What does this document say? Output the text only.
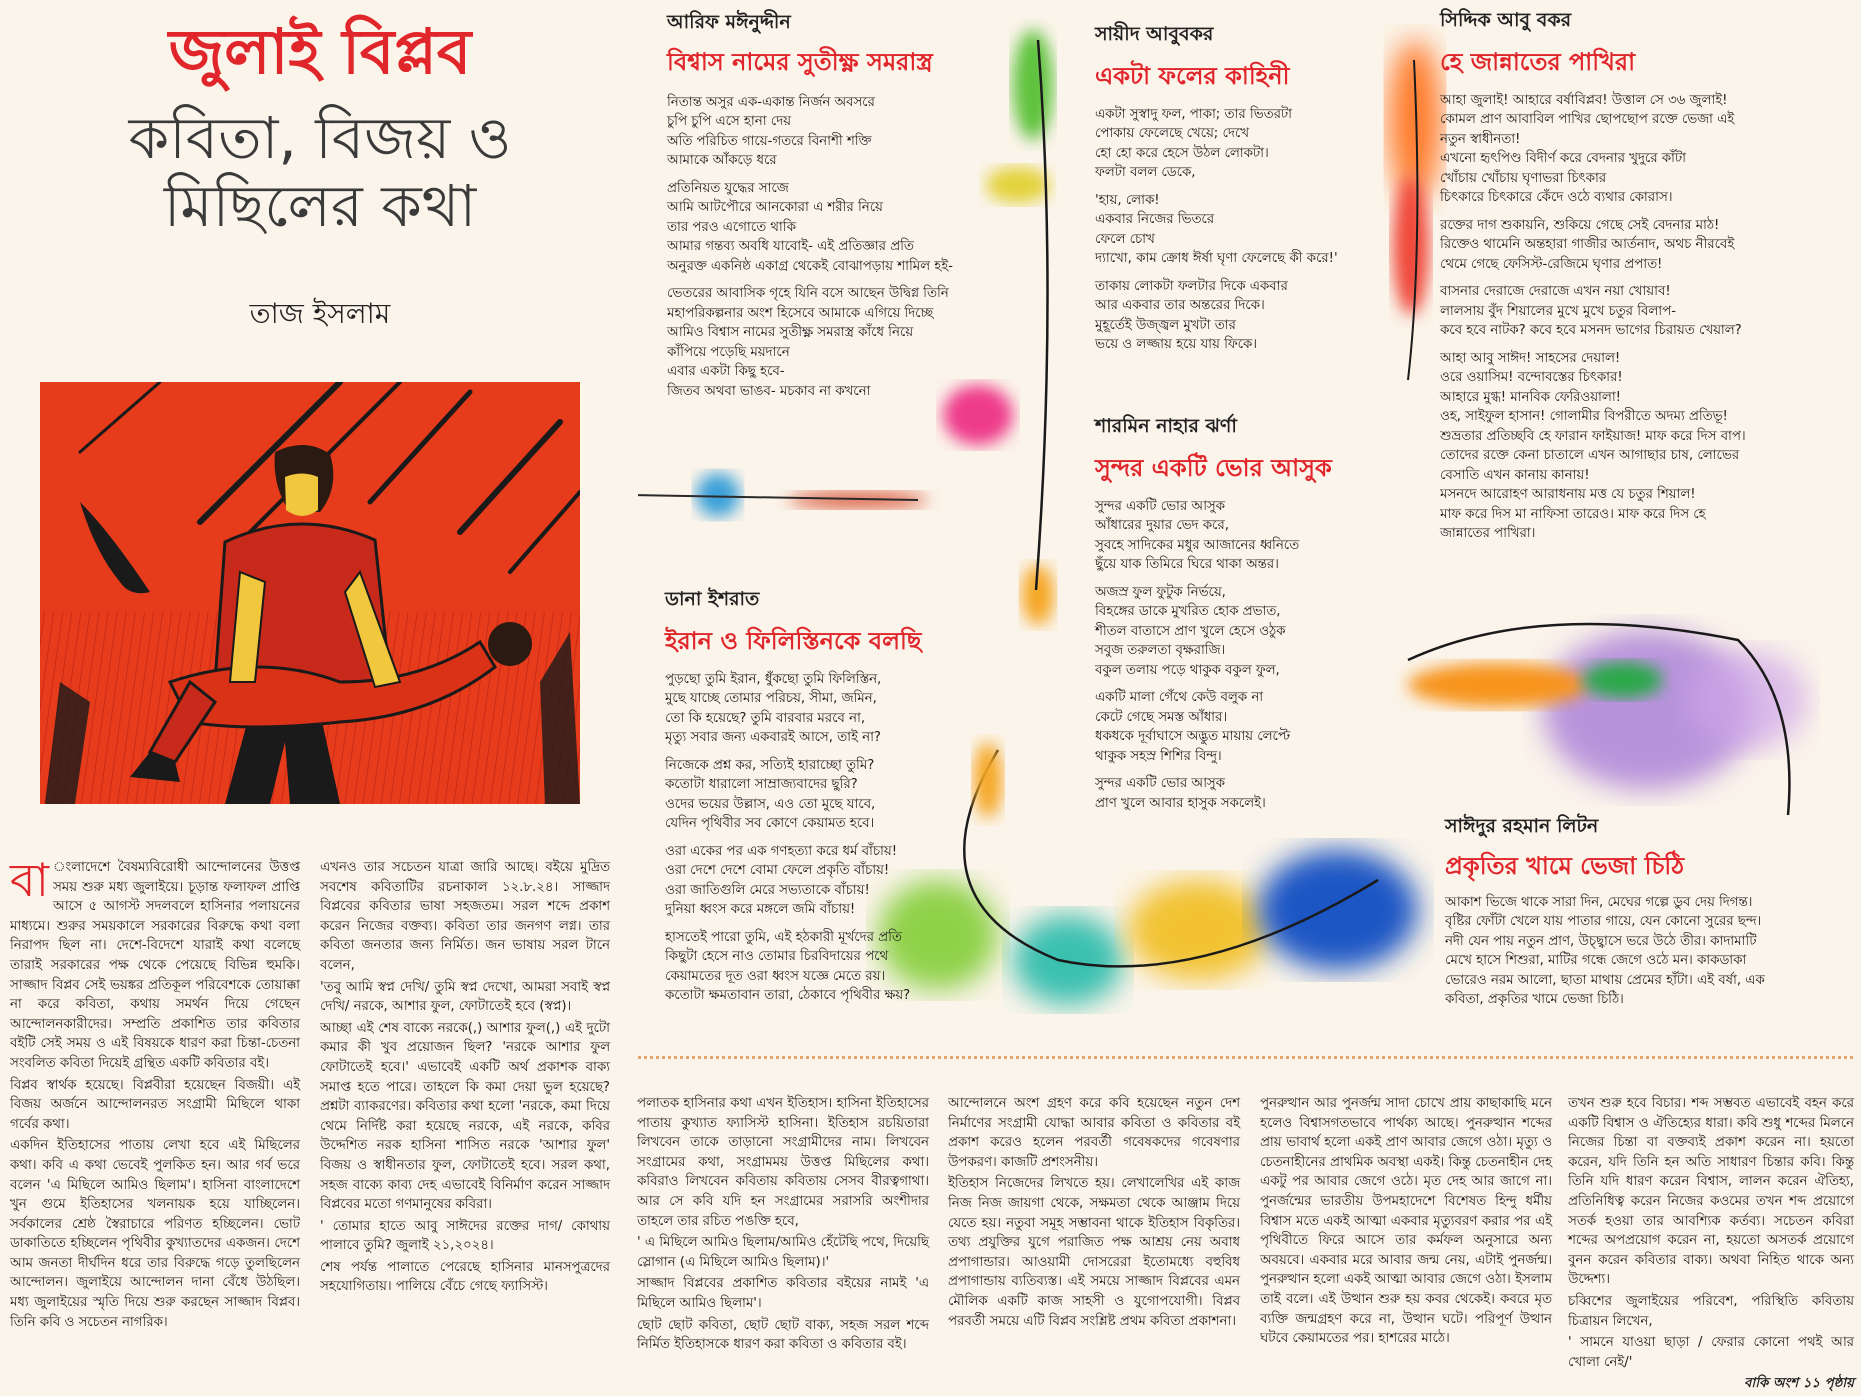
জুলাই বিপ্লব
কবিতা, বিজয় ও
মিছিলের কথা
তাজ ইসলাম
আরিফ মঈনুদ্দীন
বিশ্বাস নামের সুতীক্ষ্ণ সমরাস্ত্র
নিতান্ত অসুর এক-একান্ত নির্জন অবসরে
চুপি চুপি এসে হানা দেয়
অতি পরিচিত গায়ে-গতরে বিনাশী শক্তি
আমাকে আঁকড়ে ধরে
প্রতিনিয়ত যুদ্ধের সাজে
আমি আটপৌরে আনকোরা এ শরীর নিয়ে
তার পরও এগোতে থাকি
আমার গন্তব্য অবধি যাবোই- এই প্রতিজ্ঞার প্রতি
অনুরক্ত একনিষ্ঠ একাগ্র থেকেই বোঝাপড়ায় শামিল হই-
ভেতরের আবাসিক গৃহে যিনি বসে আছেন উদ্বিগ্ন তিনি
মহাপরিকল্পনার অংশ হিসেবে আমাকে এগিয়ে দিচ্ছে
আমিও বিশ্বাস নামের সুতীক্ষ্ণ সমরাস্ত্র কাঁধে নিয়ে
কাঁপিয়ে পড়েছি ময়দানে
এবার একটা কিছু হবে-
জিতব অথবা ভাঙব- মচকাব না কখনো
সায়ীদ আবুবকর
একটা ফলের কাহিনী
একটা সুস্বাদু ফল, পাকা; তার ভিতরটা
পোকায় ফেলেছে খেয়ে; দেখে
হো হো করে হেসে উঠল লোকটা।
ফলটা বলল ডেকে,
'হায়, লোক!
একবার নিজের ভিতরে
ফেলে চোখ
দ্যাখো, কাম ক্রোধ ঈর্ষা ঘৃণা ফেলেছে কী করে!'
তাকায় লোকটা ফলটার দিকে একবার
আর একবার তার অন্তরের দিকে।
মুহূর্তেই উজ্জ্বল মুখটা তার
ভয়ে ও লজ্জায় হয়ে যায় ফিকে।
সিদ্দিক আবু বকর
হে জান্নাতের পাখিরা
আহা জুলাই! আহারে বর্ষাবিপ্লব! উত্তাল সে ৩৬ জুলাই!
কোমল প্রাণ আবাবিল পাখির ছোপছোপ রক্তে ভেজা এই
নতুন স্বাধীনতা!
এখনো হৃৎপিণ্ড বিদীর্ণ করে বেদনার খুদুরে কাঁটা
খোঁচায় খোঁচায় ঘৃণাভরা চিৎকার
চিৎকারে চিৎকারে কেঁদে ওঠে ব্যথার কোরাস।
রক্তের দাগ শুকায়নি, শুকিয়ে গেছে সেই বেদনার মাঠ!
রিক্তেও থামেনি অন্তহারা গাজীর আর্তনাদ, অথচ নীরবেই
থেমে গেছে ফেসিস্ট-রেজিমে ঘৃণার প্রপাত!
বাসনার দেরাজে দেরাজে এখন নয়া খোয়াব!
লালসায় বুঁদ শিয়ালের মুখে মুখে চতুর বিলাপ-
কবে হবে নাটক? কবে হবে মসনদ ভাগের চিরায়ত খেয়াল?
আহা আবু সাঈদ! সাহসের দেয়াল!
ওরে ওয়াসিম! বন্দোবস্তের চিৎকার!
আহারে মুগ্ধ! মানবিক ফেরিওয়ালা!
ওহ, সাইফুল হাসান! গোলামীর বিপরীতে অদম্য প্রতিভূ!
শুভ্রতার প্রতিচ্ছবি হে ফারান ফাইয়াজ! মাফ করে দিস বাপ।
তোদের রক্তে কেনা চাতালে এখন আগাছার চাষ, লোভের
বেসাতি এখন কানায় কানায়!
মসনদে আরোহণ আরাধনায় মত্ত যে চতুর শিয়াল!
মাফ করে দিস মা নাফিসা তারেও। মাফ করে দিস হে
জান্নাতের পাখিরা।
শারমিন নাহার ঝর্ণা
সুন্দর একটি ভোর আসুক
সুন্দর একটি ভোর আসুক
আঁধারের দুয়ার ভেদ করে,
সুবহে সাদিকের মধুর আজানের ধ্বনিতে
ছুঁয়ে যাক তিমিরে ঘিরে থাকা অন্তর।
অজস্র ফুল ফুটুক নির্ভয়ে,
বিহঙ্গের ডাকে মুখরিত হোক প্রভাত,
শীতল বাতাসে প্রাণ খুলে হেসে ওঠুক
সবুজ তরুলতা বৃক্ষরাজি।
বকুল তলায় পড়ে থাকুক বকুল ফুল,
একটি মালা গেঁথে কেউ বলুক না
কেটে গেছে সমস্ত আঁধার।
ধকধকে দূর্বাঘাসে অদ্ভুত মায়ায় লেপ্টে
থাকুক সহস্র শিশির বিন্দু।
সুন্দর একটি ভোর আসুক
প্রাণ খুলে আবার হাসুক সকলেই।
ডানা ইশরাত
ইরান ও ফিলিস্তিনকে বলছি
পুড়ছো তুমি ইরান, ধুঁকছো তুমি ফিলিস্তিন,
মুছে যাচ্ছে তোমার পরিচয়, সীমা, জমিন,
তো কি হয়েছে? তুমি বারবার মরবে না,
মৃত্যু সবার জন্য একবারই আসে, তাই না?
নিজেকে প্রশ্ন কর, সত্যিই হারাচ্ছো তুমি?
কতোটা ধারালো সাম্রাজ্যবাদের ছুরি?
ওদের ভয়ের উল্লাস, এও তো মুছে যাবে,
যেদিন পৃথিবীর সব কোণে কেয়ামত হবে।
ওরা একের পর এক গণহত্যা করে ধর্ম বাঁচায়!
ওরা দেশে দেশে বোমা ফেলে প্রকৃতি বাঁচায়!
ওরা জাতিগুলি মেরে সভ্যতাকে বাঁচায়!
দুনিয়া ধ্বংস করে মঙ্গলে জমি বাঁচায়!
হাসতেই পারো তুমি, এই হঠকারী মূর্খদের প্রতি
কিছুটা হেসে নাও তোমার চিরবিদায়ের পথে
কেয়ামতের দূত ওরা ধ্বংস যজ্ঞে মেতে রয়।
কতোটা ক্ষমতাবান তারা, ঠেকাবে পৃথিবীর ক্ষয়?
সাঈদুর রহমান লিটন
প্রকৃতির খামে ভেজা চিঠি
আকাশ ভিজে থাকে সারা দিন, মেঘের গল্পে ডুব দেয় দিগন্ত।
বৃষ্টির ফোঁটা খেলে যায় পাতার গায়ে, যেন কোনো সুরের ছন্দ।
নদী যেন পায় নতুন প্রাণ, উচ্ছ্বাসে ভরে উঠে তীর। কাদামাটি
মেখে হাসে শিশুরা, মাটির গন্ধে জেগে ওঠে মন। কাকডাকা
ভোরেও নরম আলো, ছাতা মাথায় প্রেমের হাঁটা। এই বর্ষা, এক
কবিতা, প্রকৃতির খামে ভেজা চিঠি।
বা ংলাদেশে বৈষম্যবিরোধী আন্দোলনের উত্তপ্ত সময় শুরু মধ্য জুলাইয়ে। চূড়ান্ত ফলাফল প্রাপ্তি আসে ৫ আগস্ট সদলবলে হাসিনার পলায়নের মাধ্যমে। শুরুর সময়কালে সরকারের বিরুদ্ধে কথা বলা নিরাপদ ছিল না। দেশে-বিদেশে যারাই কথা বলেছে তারাই সরকারের পক্ষ থেকে পেয়েছে বিভিন্ন হুমকি। সাজ্জাদ বিপ্লব সেই ভয়ঙ্কর প্রতিকূল পরিবেশকে তোয়াক্কা না করে কবিতা, কথায় সমর্থন দিয়ে গেছেন আন্দোলনকারীদের। সম্প্রতি প্রকাশিত তার কবিতার বইটি সেই সময় ও এই বিষয়কে ধারণ করা চিন্তা-চেতনা সংবলিত কবিতা দিয়েই গ্রন্থিত একটি কবিতার বই।

বিপ্লব স্বার্থক হয়েছে। বিপ্লবীরা হয়েছেন বিজয়ী। এই বিজয় অর্জনে আন্দোলনরত সংগ্রামী মিছিলে থাকা গর্বের কথা।

একদিন ইতিহাসের পাতায় লেখা হবে এই মিছিলের কথা। কবি এ কথা ভেবেই পুলকিত হন। আর গর্ব ভরে বলেন 'এ মিছিলে আমিও ছিলাম'। হাসিনা বাংলাদেশে খুন গুমে ইতিহাসের খলনায়ক হয়ে যাচ্ছিলেন। সর্বকালের শ্রেষ্ঠ স্বৈরাচারে পরিণত হচ্ছিলেন। ভোট ডাকাতিতে হচ্ছিলেন পৃথিবীর কুখ্যাতদের একজন। দেশে আম জনতা দীর্ঘদিন ধরে তার বিরুদ্ধে গড়ে তুলছিলেন আন্দোলন। জুলাইয়ে আন্দোলন দানা বেঁধে উঠছিল। মধ্য জুলাইয়ের স্মৃতি দিয়ে শুরু করছেন সাজ্জাদ বিপ্লব। তিনি কবি ও সচেতন নাগরিক।

এখনও তার সচেতন যাত্রা জারি আছে। বইয়ে মুদ্রিত সবশেষ কবিতাটির রচনাকাল ১২.৮.২৪। সাজ্জাদ বিপ্লবের কবিতার ভাষা সহজতম। সরল শব্দে প্রকাশ করেন নিজের বক্তব্য। কবিতা তার জনগণ লগ্ন। তার কবিতা জনতার জন্য নির্মিত। জন ভাষায় সরল টানে বলেন,

'তবু আমি স্বপ্ন দেখি/ তুমি স্বপ্ন দেখো, আমরা সবাই স্বপ্ন দেখি/ নরকে, আশার ফুল, ফোটাতেই হবে (স্বপ্ন)।

আচ্ছা এই শেষ বাক্যে নরকে(,) আশার ফুল(,) এই দুটো কমার কী খুব প্রয়োজন ছিল? 'নরকে আশার ফুল ফোটাতেই হবে।' এভাবেই একটি অর্থ প্রকাশক বাক্য সমাপ্ত হতে পারে। তাহলে কি কমা দেয়া ভুল হয়েছে? প্রশ্নটা ব্যাকরণের। কবিতার কথা হলো 'নরকে, কমা দিয়ে থেমে নির্দিষ্ট করা হয়েছে নরকে, এই নরকে, কবির উদ্দেশিত নরক হাসিনা শাসিত নরকে 'আশার ফুল' বিজয় ও স্বাধীনতার ফুল, ফোটাতেই হবে। সরল কথা, সহজ বাক্যে কাব্য দেহ এভাবেই বিনির্মাণ করেন সাজ্জাদ বিপ্লবের মতো গণমানুষের কবিরা।

' তোমার হাতে আবু সাঈদের রক্তের দাগ/ কোথায় পালাবে তুমি? জুলাই ২১,২০২৪।

শেষ পর্যন্ত পালাতে পেরেছে হাসিনার মানসপুত্রদের সহযোগিতায়। পালিয়ে বেঁচে গেছে ফ্যাসিস্ট।

পলাতক হাসিনার কথা এখন ইতিহাস। হাসিনা ইতিহাসের পাতায় কুখ্যাত ফ্যাসিস্ট হাসিনা। ইতিহাস রচয়িতারা লিখবেন তাকে তাড়ানো সংগ্রামীদের নাম। লিখবেন সংগ্রামের কথা, সংগ্রামময় উত্তপ্ত মিছিলের কথা। কবিরাও লিখবেন কবিতায় কবিতায় সেসব বীরত্বগাথা। আর সে কবি যদি হন সংগ্রামের সরাসরি অংশীদার তাহলে তার রচিত পঙক্তি হবে,

' এ মিছিলে আমিও ছিলাম/আমিও হেঁটেছি পথে, দিয়েছি স্লোগান (এ মিছিলে আমিও ছিলাম)।'

সাজ্জাদ বিপ্লবের প্রকাশিত কবিতার বইয়ের নামই 'এ মিছিলে আমিও ছিলাম'।

ছোট ছোট কবিতা, ছোট ছোট বাক্য, সহজ সরল শব্দে নির্মিত ইতিহাসকে ধারণ করা কবিতা ও কবিতার বই।

আন্দোলনে অংশ গ্রহণ করে কবি হয়েছেন নতুন দেশ নির্মাণের সংগ্রামী যোদ্ধা আবার কবিতা ও কবিতার বই প্রকাশ করেও হলেন পরবর্তী গবেষকদের গবেষণার উপকরণ। কাজটি প্রশংসনীয়।

ইতিহাস নিজেদের লিখতে হয়। লেখালেখির এই কাজ নিজ নিজ জায়গা থেকে, সক্ষমতা থেকে আঞ্জাম দিয়ে যেতে হয়। নতুবা সমূহ সম্ভাবনা থাকে ইতিহাস বিকৃতির। তথ্য প্রযুক্তির যুগে পরাজিত পক্ষ আশ্রয় নেয় অবাধ প্রপাগান্ডার। আওয়ামী দোসরেরা ইতোমধ্যে বহুবিধ প্রপাগান্ডায় ব্যতিব্যস্ত। এই সময়ে সাজ্জাদ বিপ্লবের এমন মৌলিক একটি কাজ সাহসী ও যুগোপযোগী। বিপ্লব পরবর্তী সময়ে এটি বিপ্লব সংশ্লিষ্ট প্রথম কবিতা প্রকাশনা।

পুনরুত্থান আর পুনর্জন্ম সাদা চোখে প্রায় কাছাকাছি মনে হলেও বিশ্বাসগতভাবে পার্থক্য আছে। পুনরুত্থান শব্দের প্রায় ভাবার্থ হলো একই প্রাণ আবার জেগে ওঠা। মৃত্যু ও চেতনাহীনের প্রাথমিক অবস্থা একই। কিন্তু চেতনাহীন দেহ একটু পর আবার জেগে ওঠে। মৃত দেহ আর জাগে না। পুনর্জন্মের ভারতীয় উপমহাদেশে বিশেষত হিন্দু ধর্মীয় বিশ্বাস মতে একই আত্মা একবার মৃত্যুবরণ করার পর এই পৃথিবীতে ফিরে আসে তার কর্মফল অনুসারে অন্য অবয়বে। একবার মরে আবার জন্ম নেয়, এটাই পুনর্জন্ম। পুনরুত্থান হলো একই আত্মা আবার জেগে ওঠা। ইসলাম তাই বলে। এই উত্থান শুরু হয় কবর থেকেই। কবরে মৃত ব্যক্তি জন্মগ্রহণ করে না, উত্থান ঘটে। পরিপূর্ণ উত্থান ঘটবে কেয়ামতের পর। হাশরের মাঠে।

তখন শুরু হবে বিচার। শব্দ সম্ভবত এভাবেই বহন করে একটি বিশ্বাস ও ঐতিহ্যের ধারা। কবি শুধু শব্দের মিলনে নিজের চিন্তা বা বক্তব্যই প্রকাশ করেন না। হয়তো করেন, যদি তিনি হন অতি সাধারণ চিন্তার কবি। কিন্তু তিনি যদি ধারণ করেন বিশ্বাস, লালন করেন ঐতিহ্য, প্রতিনিধিত্ব করেন নিজের কওমের তখন শব্দ প্রয়োগে সতর্ক হওয়া তার আবশ্যিক কর্তব্য। সচেতন কবিরা শব্দের অপপ্রয়োগ করেন না, হয়তো অসতর্ক প্রয়োগে বুনন করেন কবিতার বাক্য। অথবা নিহিত থাকে অন্য উদ্দেশ্য।

চব্বিশের জুলাইয়ের পরিবেশ, পরিস্থিতি কবিতায় চিত্রায়ন লিখেন,

' সামনে যাওয়া ছাড়া / ফেরার কোনো পথই আর খোলা নেই/'

বাকি অংশ ১১ পৃষ্ঠায়
